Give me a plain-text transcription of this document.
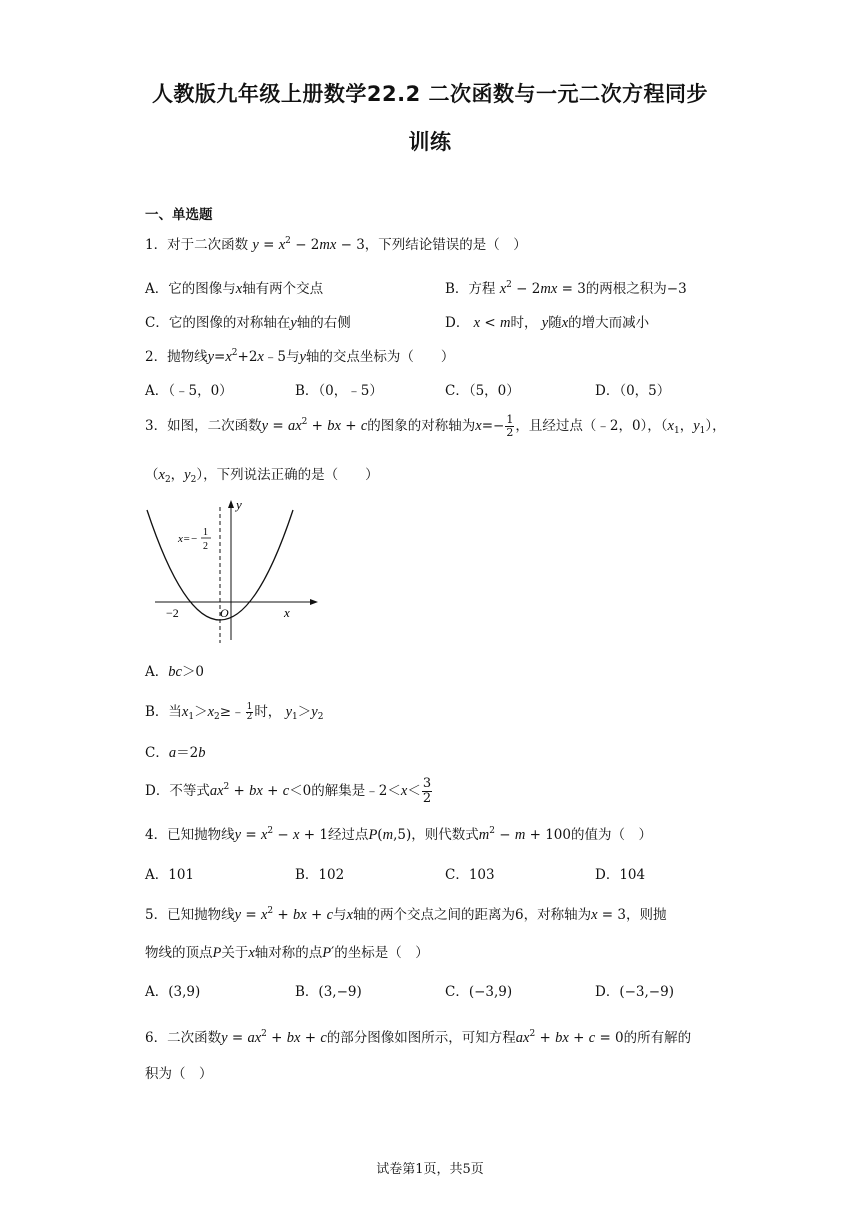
人教版九年级上册数学22.2 二次函数与一元二次方程同步
训练
一、单选题
1．对于二次函数 $y = x^2 - 2mx - 3$，下列结论错误的是（　）
A．它的图像与x轴有两个交点	B．方程 $x^2 - 2mx = 3$的两根之积为−3
C．它的图像的对称轴在y轴的右侧	D． x < m时， y随x的增大而减小
2．抛物线$y=x^2+2x﹣5$与y轴的交点坐标为（　　）
A．（﹣5，0）	B．（0，﹣5）	C．（5，0）	D．（0，5）
3．如图，二次函数$y = ax^2$ + bx + c的图象的对称轴为$x=- \frac{1}{2}$ ，且经过点（﹣2，0），（$x_1$，$y_1$），
（$x_2$，$y_2$），下列说法正确的是（　　）
y
x
O
−2
x=−
1
2
A．bc＞0
B．当$x_1>x_2\ge﹣ \frac{1}{2}$ 时， $y_1>y_2$
C．a＝2b
D．不等式$ax^2$ + bx + c＜0的解集是﹣2＜x＜ $\frac{3}{2}$
4．已知抛物线$y = x^2 - x + 1$经过点P(m,5)，则代数式$m^2 - m + 100$的值为（　）
A．101	B．102	C．103	D．104
5．已知抛物线$y = x^2$ + bx + c与x轴的两个交点之间的距离为6，对称轴为x = 3，则抛
物线的顶点P关于x轴对称的点P′的坐标是（　）
A．(3,9)	B．(3,−9)	C．(−3,9)	D．(−3,−9)
6．二次函数$y = ax^2$ + bx + c的部分图像如图所示，可知方程$ax^2$ + bx + c = 0的所有解的
积为（　）
试卷第1页，共5页
